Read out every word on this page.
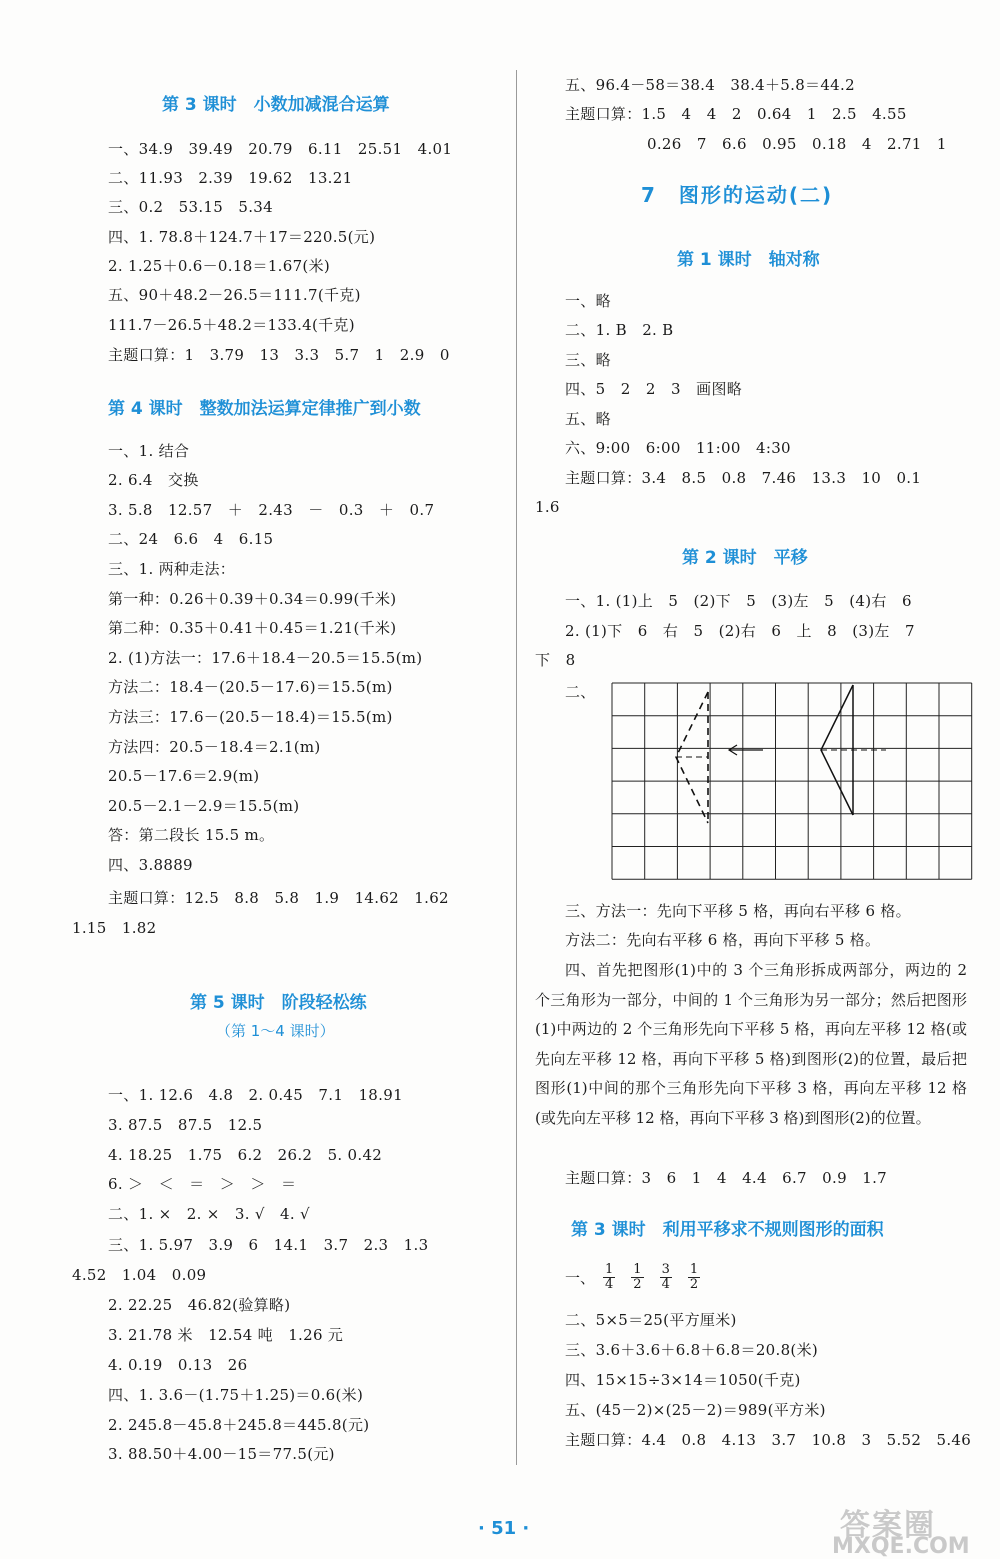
第 3 课时　小数加减混合运算
一、34.9　39.49　20.79　6.11　25.51　4.01
二、11.93　2.39　19.62　13.21
三、0.2　53.15　5.34
四、1. 78.8＋124.7＋17＝220.5(元)
2. 1.25＋0.6－0.18＝1.67(米)
五、90＋48.2－26.5＝111.7(千克)
111.7－26.5＋48.2＝133.4(千克)
主题口算：1　3.79　13　3.3　5.7　1　2.9　0
第 4 课时　整数加法运算定律推广到小数
一、1. 结合
2. 6.4　交换
3. 5.8　12.57　＋　2.43　－　0.3　＋　0.7
二、24　6.6　4　6.15
三、1. 两种走法：
第一种：0.26＋0.39＋0.34＝0.99(千米)
第二种：0.35＋0.41＋0.45＝1.21(千米)
2. (1)方法一：17.6＋18.4－20.5＝15.5(m)
方法二：18.4－(20.5－17.6)＝15.5(m)
方法三：17.6－(20.5－18.4)＝15.5(m)
方法四：20.5－18.4＝2.1(m)
20.5－17.6＝2.9(m)
20.5－2.1－2.9＝15.5(m)
答：第二段长 15.5 m。
四、3.8889
主题口算：12.5　8.8　5.8　1.9　14.62　1.62
1.15　1.82
第 5 课时　阶段轻松练
（第 1～4 课时）
一、1. 12.6　4.8　2. 0.45　7.1　18.91
3. 87.5　87.5　12.5
4. 18.25　1.75　6.2　26.2　5. 0.42
6. ＞　＜　＝　＞　＞　＝
二、1. ×　2. ×　3. √　4. √
三、1. 5.97　3.9　6　14.1　3.7　2.3　1.3
4.52　1.04　0.09
2. 22.25　46.82(验算略)
3. 21.78 米　12.54 吨　1.26 元
4. 0.19　0.13　26
四、1. 3.6－(1.75＋1.25)＝0.6(米)
2. 245.8－45.8＋245.8＝445.8(元)
3. 88.50＋4.00－15＝77.5(元)
五、96.4－58＝38.4　38.4＋5.8＝44.2
主题口算：1.5　4　4　2　0.64　1　2.5　4.55
0.26　7　6.6　0.95　0.18　4　2.71　1
7　图形的运动(二)
第 1 课时　轴对称
一、略
二、1. B　2. B
三、略
四、5　2　2　3　画图略
五、略
六、9:00　6:00　11:00　4:30
主题口算：3.4　8.5　0.8　7.46　13.3　10　0.1
1.6
第 2 课时　平移
一、1. (1)上　5　(2)下　5　(3)左　5　(4)右　6
2. (1)下　6　右　5　(2)右　6　上　8　(3)左　7
下　8
二、
三、方法一：先向下平移 5 格，再向右平移 6 格。
方法二：先向右平移 6 格，再向下平移 5 格。
四、首先把图形(1)中的 3 个三角形拆成两部分，两边的 2 个三角形为一部分，中间的 1 个三角形为另一部分；然后把图形(1)中两边的 2 个三角形先向下平移 5 格，再向左平移 12 格(或先向左平移 12 格，再向下平移 5 格)到图形(2)的位置，最后把图形(1)中间的那个三角形先向下平移 3 格，再向左平移 12 格(或先向左平移 12 格，再向下平移 3 格)到图形(2)的位置。
主题口算：3　6　1　4　4.4　6.7　0.9　1.7
第 3 课时　利用平移求不规则图形的面积
一、 $\frac{1}{4} \frac{1}{2} \frac{3}{4} \frac{1}{2}$
二、5×5＝25(平方厘米)
三、3.6＋3.6＋6.8＋6.8＝20.8(米)
四、15×15÷3×14＝1050(千克)
五、(45－2)×(25－2)＝989(平方米)
主题口算：4.4　0.8　4.13　3.7　10.8　3　5.52　5.46
· 51 ·	答案圈
MXQE.COM
